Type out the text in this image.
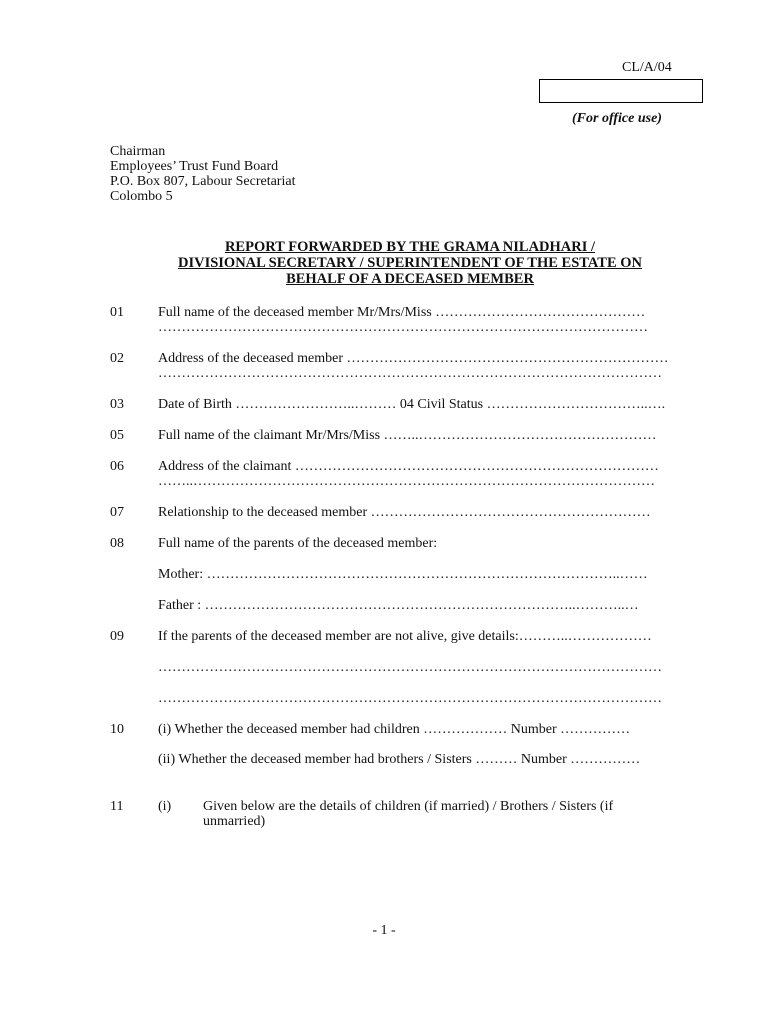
CL/A/04
(For office use)
Chairman
Employees’ Trust Fund Board
P.O. Box 807, Labour Secretariat
Colombo 5
REPORT FORWARDED BY THE GRAMA NILADHARI /
DIVISIONAL SECRETARY / SUPERINTENDENT OF THE ESTATE ON
BEHALF OF A DECEASED MEMBER
01 Full name of the deceased member Mr/Mrs/Miss ………………………………………
……………………………………………………………………………………………
02 Address of the deceased member ……………………………………………………………
………………………………………………………………………………………………
03 Date of Birth ……………………..……… 04 Civil Status ……………………………..….
05 Full name of the claimant Mr/Mrs/Miss ……..……………………………………………
06 Address of the claimant ……………………………………………………………………
……..………………………………………………………………………………………
07 Relationship to the deceased member ……………………………………………………
08 Full name of the parents of the deceased member:
Mother: ……………………………………………………………………………..……
Father : ……………………………………………………………………..………..…
09 If the parents of the deceased member are not alive, give details:………..………………
………………………………………………………………………………………………
………………………………………………………………………………………………
10 (i) Whether the deceased member had children ……………… Number ……………
(ii) Whether the deceased member had brothers / Sisters ……… Number ……………
11 (i) Given below are the details of children (if married) / Brothers / Sisters (if
unmarried)
- 1 -
